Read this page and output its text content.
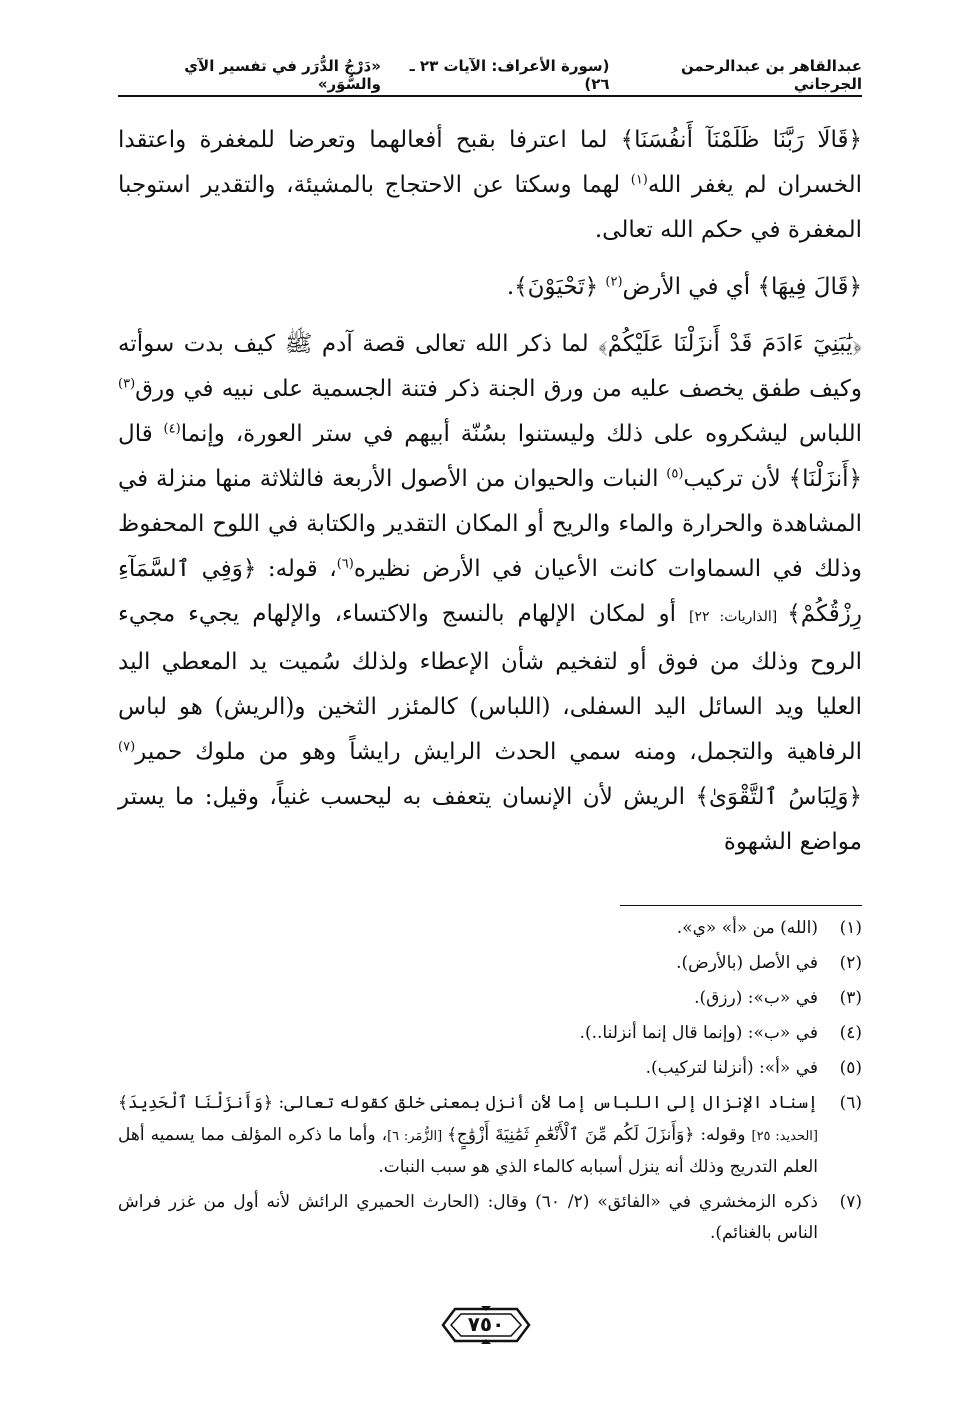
عبدالقاهر بن عبدالرحمن الجرجاني
(سورة الأعراف: الآيات ٢٣ ـ ٢٦)
«دَرْجُ الدُّرَر في تفسير الآي والسُّوَر»

﴿قَالَا رَبَّنَا ظَلَمْنَآ أَنفُسَنَا﴾ لما اعترفا بقبح أفعالهما وتعرضا للمغفرة واعتقدا الخسران لم يغفر الله$^{(١)}$ لهما وسكتا عن الاحتجاج بالمشيئة، والتقدير استوجبا المغفرة في حكم الله تعالى.

﴿قَالَ فِيهَا﴾ أي في الأرض$^{(٢)}$ ﴿تَحْيَوْنَ﴾.

﴿يَٰبَنِيٓ ءَادَمَ قَدْ أَنزَلْنَا عَلَيْكُمْ﴾ لما ذكر الله تعالى قصة آدم ﷺ كيف بدت سوأته وكيف طفق يخصف عليه من ورق الجنة ذكر فتنة الجسمية على نبيه في ورق$^{(٣)}$ اللباس ليشكروه على ذلك وليستنوا بسُنّة أبيهم في ستر العورة، وإنما$^{(٤)}$ قال ﴿أَنزَلْنَا﴾ لأن تركيب$^{(٥)}$ النبات والحيوان من الأصول الأربعة فالثلاثة منها منزلة في المشاهدة والحرارة والماء والريح أو المكان التقدير والكتابة في اللوح المحفوظ وذلك في السماوات كانت الأعيان في الأرض نظيره$^{(٦)}$، قوله: ﴿وَفِي ٱلسَّمَآءِ رِزْقُكُمْ﴾ [الذاريات: ٢٢] أو لمكان الإلهام بالنسج والاكتساء، والإلهام يجيء مجيء الروح وذلك من فوق أو لتفخيم شأن الإعطاء ولذلك سُميت يد المعطي اليد العليا ويد السائل اليد السفلى، (اللباس) كالمئزر الثخين و(الريش) هو لباس الرفاهية والتجمل، ومنه سمي الحدث الرايش رايشاً وهو من ملوك حمير$^{(٧)}$ ﴿وَلِبَاسُ ٱلتَّقْوَىٰ﴾ الريش لأن الإنسان يتعفف به ليحسب غنياً، وقيل: ما يستر مواضع الشهوة

(١)
(الله) من «أ» «ي».
(٢)
في الأصل (بالأرض).
(٣)
في «ب»: (رزق).
(٤)
في «ب»: (وإنما قال إنما أنزلنا..).
(٥)
في «أ»: (أنزلنا لتركيب).
(٦)
إسناد الإنزال إلى اللباس إما لأن أنزل بمعنى خلق كقوله تعالى: ﴿وَأَنزَلْنَا ٱلْحَدِيدَ﴾ [الحديد: ٢٥] وقوله: ﴿وَأَنزَلَ لَكُم مِّنَ ٱلْأَنْعَٰمِ ثَمَٰنِيَةَ أَزْوَٰجٍ﴾ [الزُّمَر: ٦]، وأما ما ذكره المؤلف مما يسميه أهل العلم التدريج وذلك أنه ينزل أسبابه كالماء الذي هو سبب النبات.
(٧)
ذكره الزمخشري في «الفائق» (٢/ ٦٠) وقال: (الحارث الحميري الرائش لأنه أول من غزر فراش الناس بالغنائم).
٧٥٠
